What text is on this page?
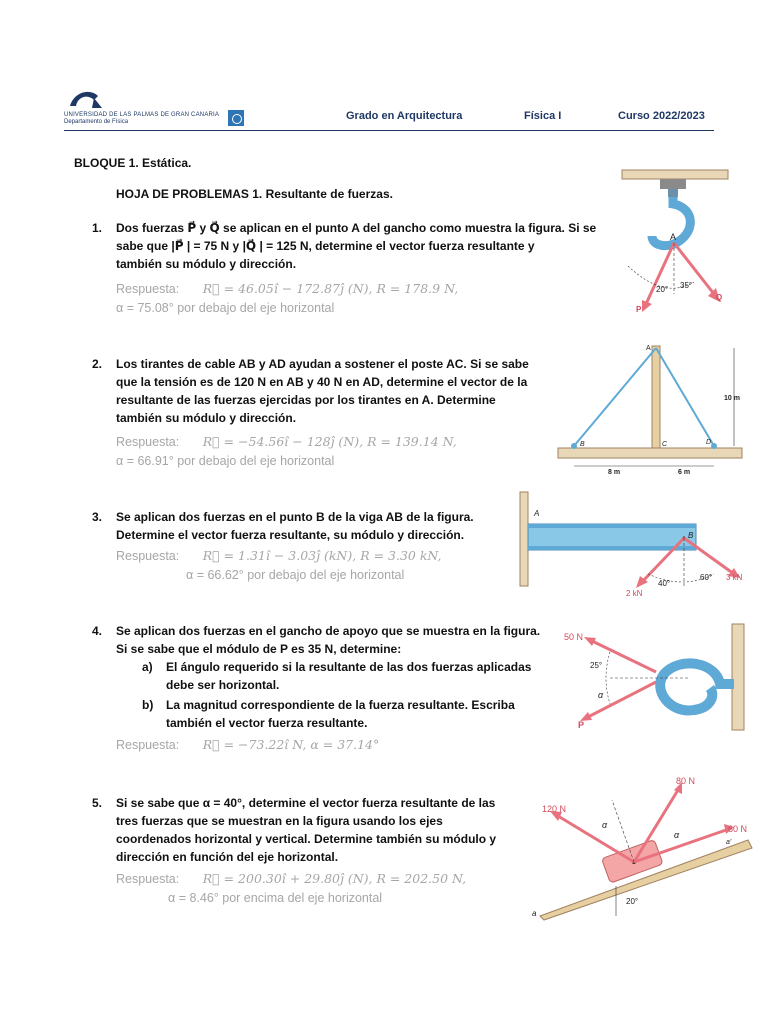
UNIVERSIDAD DE LAS PALMAS DE GRAN CANARIA
Departamento de Física	Grado en Arquitectura	Física I	Curso 2022/2023
BLOQUE 1. Estática.
HOJA DE PROBLEMAS 1. Resultante de fuerzas.
1. Dos fuerzas P⃗ y Q⃗ se aplican en el punto A del gancho como muestra la figura. Si se
sabe que |P⃗ | = 75 N y |Q⃗ | = 125 N, determine el vector fuerza resultante y
también su módulo y dirección.
Respuesta: R⃗ = 46.05î − 172.87ĵ (N), R = 178.9 N,
α = 75.08° por debajo del eje horizontal
A
20° 35°
P
Q
2. Los tirantes de cable AB y AD ayudan a sostener el poste AC. Si se sabe
que la tensión es de 120 N en AB y 40 N en AD, determine el vector de la
resultante de las fuerzas ejercidas por los tirantes en A. Determine
también su módulo y dirección.
Respuesta: R⃗ = −54.56î − 128ĵ (N), R = 139.14 N,
α = 66.91° por debajo del eje horizontal
A
B	C	D
10 m
8 m	6 m
3. Se aplican dos fuerzas en el punto B de la viga AB de la figura.
Determine el vector fuerza resultante, su módulo y dirección.
Respuesta: R⃗ = 1.31î − 3.03ĵ (kN), R = 3.30 kN,
α = 66.62° por debajo del eje horizontal
A
B
40°
60°
2 kN
3 kN
4. Se aplican dos fuerzas en el gancho de apoyo que se muestra en la figura.
Si se sabe que el módulo de P es 35 N, determine:
a) El ángulo requerido si la resultante de las dos fuerzas aplicadas
debe ser horizontal.
b) La magnitud correspondiente de la fuerza resultante. Escriba
también el vector fuerza resultante.
Respuesta: R⃗ = −73.22î N, α = 37.14°
50 N
P
25°
α
5. Si se sabe que α = 40°, determine el vector fuerza resultante de las
tres fuerzas que se muestran en la figura usando los ejes
coordenados horizontal y vertical. Determine también su módulo y
dirección en función del eje horizontal.
Respuesta: R⃗ = 200.30î + 29.80ĵ (N), R = 202.50 N,
α = 8.46° por encima del eje horizontal
a
a'
120 N
80 N
60 N
α
α
20°
